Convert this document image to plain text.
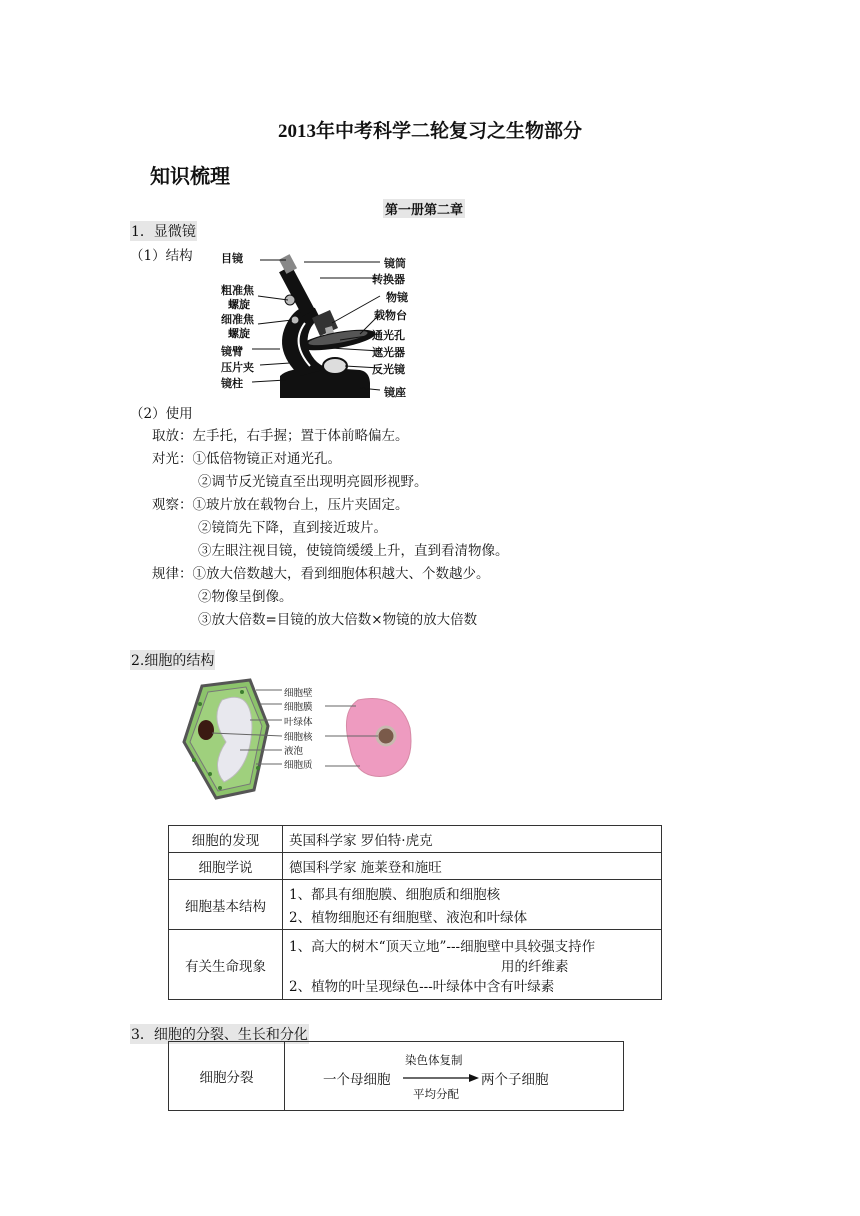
2013年中考科学二轮复习之生物部分
知识梳理
第一册第二章
1．显微镜
（1）结构	目镜
粗准焦
螺旋
细准焦
螺旋
镜臂
压片夹
镜柱
镜筒
转换器
物镜
载物台
通光孔
遮光器
反光镜
镜座
（2）使用
取放：左手托，右手握；置于体前略偏左。
对光：①低倍物镜正对通光孔。
②调节反光镜直至出现明亮圆形视野。
观察：①玻片放在载物台上，压片夹固定。
②镜筒先下降，直到接近玻片。
③左眼注视目镜，使镜筒缓缓上升，直到看清物像。
规律：①放大倍数越大，看到细胞体积越大、个数越少。
②物像呈倒像。
③放大倍数=目镜的放大倍数×物镜的放大倍数
2.细胞的结构
细胞壁
细胞膜
叶绿体
细胞核
液泡
细胞质
细胞的发现	英国科学家 罗伯特·虎克
细胞学说	德国科学家 施莱登和施旺
细胞基本结构	1、都具有细胞膜、细胞质和细胞核
2、植物细胞还有细胞壁、液泡和叶绿体

有关生命现象	1、高大的树木“顶天立地”---细胞壁中具较强支持作
用的纤维素
2、植物的叶呈现绿色---叶绿体中含有叶绿素
3．细胞的分裂、生长和分化
细胞分裂	一个母细胞
染色体复制
平均分配
两个子细胞
